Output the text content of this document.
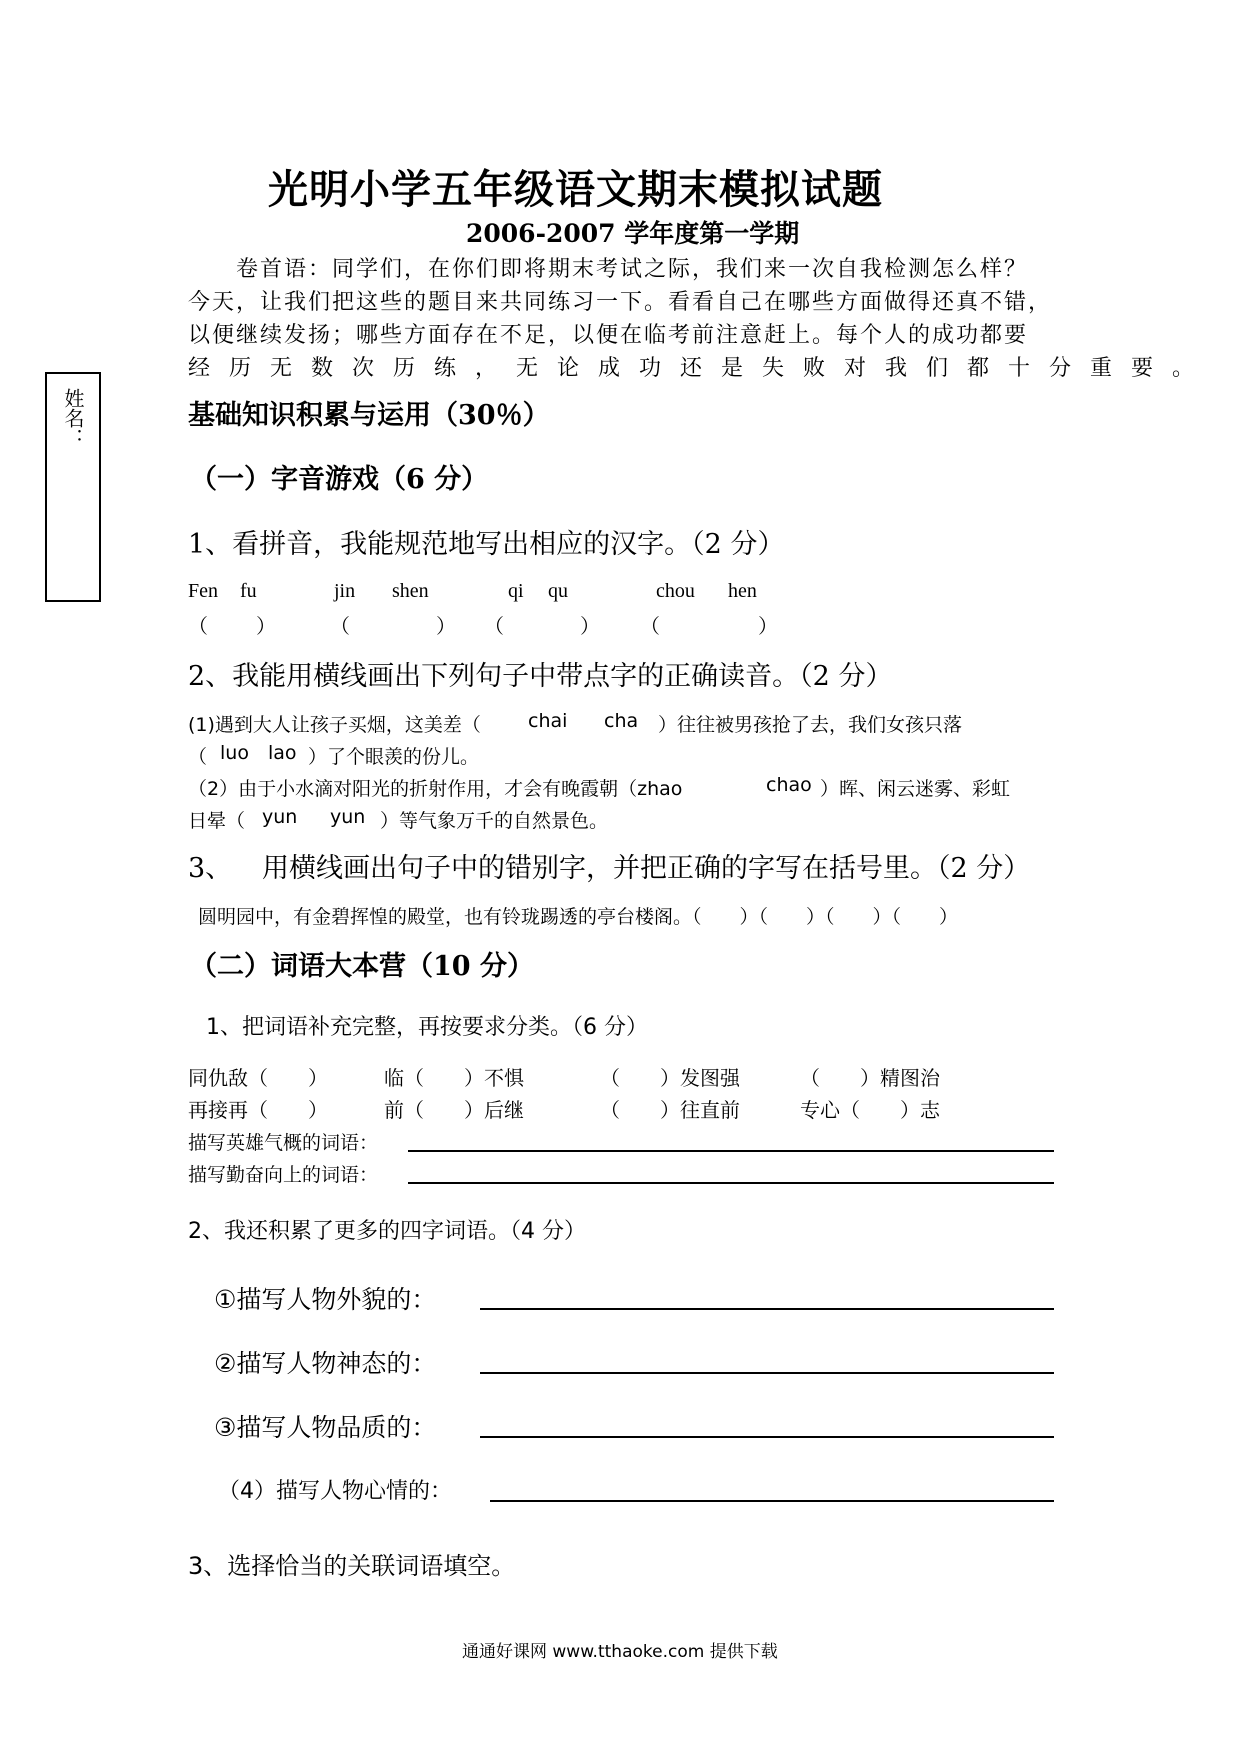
光明小学五年级语文期末模拟试题
2006-2007 学年度第一学期
卷首语：同学们，在你们即将期末考试之际，我们来一次自我检测怎么样？
今天，让我们把这些的题目来共同练习一下。看看自己在哪些方面做得还真不错，
以便继续发扬；哪些方面存在不足，以便在临考前注意赶上。每个人的成功都要
经历无数次历练，无论成功还是失败对我们都十分重要。
姓名：	基础知识积累与运用（30％）
（一）字音游戏（6 分）
1、看拼音，我能规范地写出相应的汉字。（2 分）
Fen fu	jin shen	qi qu	chou hen
（ ）	（	） （	） （	）
2、我能用横线画出下列句子中带点字的正确读音。（2 分）
(1)遇到大人让孩子买烟，这美差（ chai cha ）往往被男孩抢了去，我们女孩只落
（ luo lao ）了个眼羡的份儿。
（2）由于小水滴对阳光的折射作用，才会有晚霞朝（zhao	chao ）晖、闲云迷雾、彩虹
日晕（ yun yun ）等气象万千的自然景色。
3、 用横线画出句子中的错别字，并把正确的字写在括号里。（2 分）
圆明园中，有金碧挥惶的殿堂，也有铃珑踢透的亭台楼阁。（　　）（　　）（　　）（　　）
（二）词语大本营（10 分）
1、把词语补充完整，再按要求分类。（6 分）
同仇敌（　　）	临（　　）不惧	（　　）发图强	（　　）精图治
再接再（　　）	前（　　）后继	（　　）往直前	专心（　　）志
描写英雄气概的词语：
描写勤奋向上的词语：
2、我还积累了更多的四字词语。（4 分）
①描写人物外貌的：
②描写人物神态的：
③描写人物品质的：
（4）描写人物心情的：
3、选择恰当的关联词语填空。
通通好课网 www.tthaoke.com 提供下载
